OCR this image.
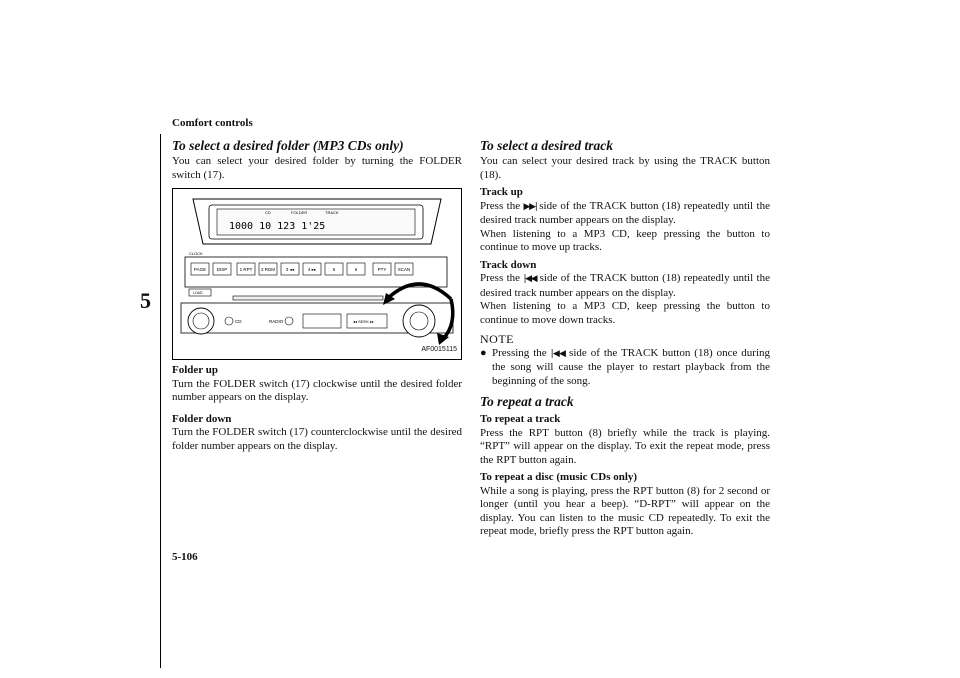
Comfort controls
5
To select a desired folder (MP3 CDs only)

You can select your desired folder by turning the FOLDER switch (17).

CD	FOLDER	TRACK
1000 10 123 1'25
CLOCK
PAGE DISP	1 RPT 2 RDM 3 ◂◂	4 ▸▸	5	6	PTY	SCAN
LOAD
CD	RADIO	◂◂ SEEK ▸▸
AF0015115
Folder up

Turn the FOLDER switch (17) clockwise until the desired folder number appears on the display.

Folder down

Turn the FOLDER switch (17) counterclockwise until the desired folder number appears on the display.

To select a desired track

You can select your desired track by using the TRACK button (18).

Track up

Press the ▶▶| side of the TRACK button (18) repeatedly until the desired track number appears on the display.

When listening to a MP3 CD, keep pressing the button to continue to move up tracks.

Track down

Press the |◀◀ side of the TRACK button (18) repeatedly until the desired track number appears on the display.

When listening to a MP3 CD, keep pressing the button to continue to move down tracks.

NOTE
● Pressing the |◀◀ side of the TRACK button (18) once during the song will cause the player to restart playback from the beginning of the song.
To repeat a track
To repeat a track

Press the RPT button (8) briefly while the track is playing. “RPT” will appear on the display. To exit the repeat mode, press the RPT button again.

To repeat a disc (music CDs only)

While a song is playing, press the RPT button (8) for 2 second or longer (until you hear a beep). “D-RPT” will appear on the display. You can listen to the music CD repeatedly. To exit the repeat mode, briefly press the RPT button again.

5-106
